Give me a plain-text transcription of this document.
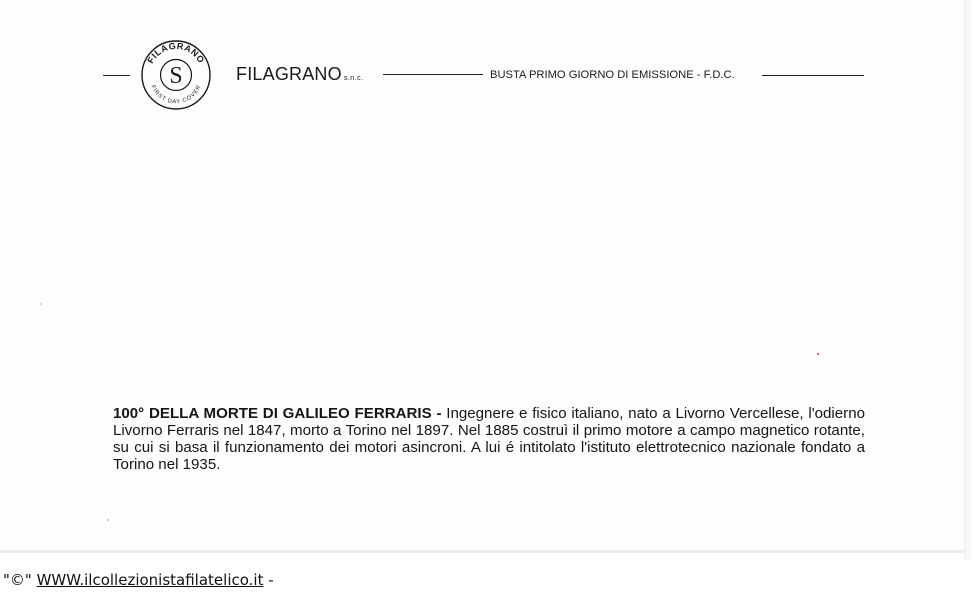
FILAGRANO
FIRST DAY COVER
S	FILAGRANO s.n.c.	BUSTA PRIMO GIORNO DI EMISSIONE - F.D.C.
100° DELLA MORTE DI GALILEO FERRARIS - Ingegnere e fisico italiano, nato a Livorno Vercellese, l'odierno Livorno Ferraris nel 1847, morto a Torino nel 1897. Nel 1885 costruì il primo motore a campo magnetico rotante, su cui si basa il funzionamento dei motori asincroni. A lui é intitolato l'istituto elettrotecnico nazionale fondato a Torino nel 1935.
"©" WWW.ilcollezionistafilatelico.it -
